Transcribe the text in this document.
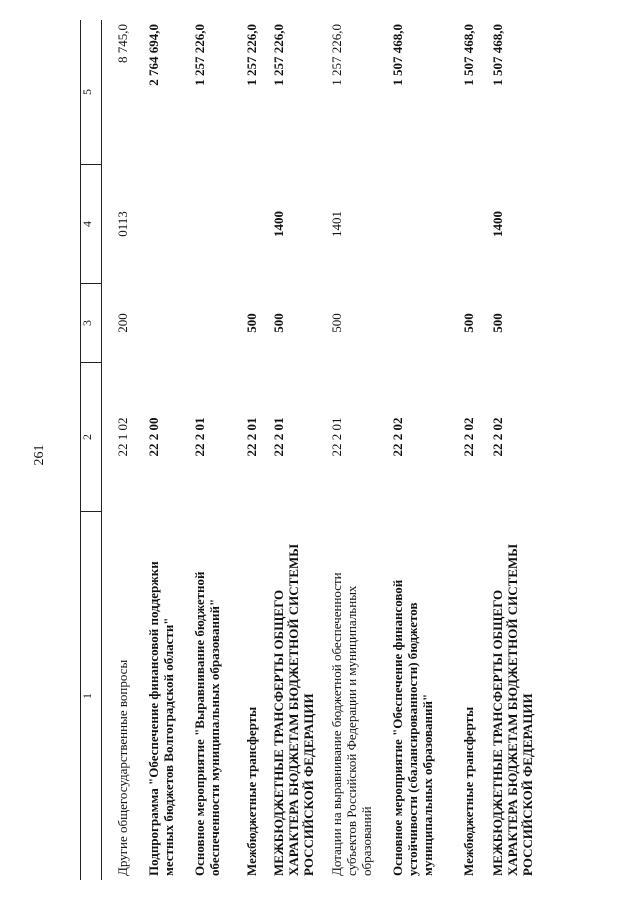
261
1	2	3	4	5
Другие общегосударственные вопросы	22 1 02	200	0113	8 745,0
Подпрограмма "Обеспечение финансовой поддержки местных бюджетов Волгоградской области"	22 2 00			2 764 694,0
Основное мероприятие "Выравнивание бюджетной обеспеченности муниципальных образований"	22 2 01			1 257 226,0
Межбюджетные трансферты	22 2 01	500		1 257 226,0
МЕЖБЮДЖЕТНЫЕ ТРАНСФЕРТЫ ОБЩЕГО ХАРАКТЕРА БЮДЖЕТАМ БЮДЖЕТНОЙ СИСТЕМЫ РОССИЙСКОЙ ФЕДЕРАЦИИ	22 2 01	500	1400	1 257 226,0
Дотации на выравнивание бюджетной обеспеченности субъектов Российской Федерации и муниципальных образований	22 2 01	500	1401	1 257 226,0
Основное мероприятие "Обеспечение финансовой устойчивости (сбалансированности) бюджетов муниципальных образований"	22 2 02			1 507 468,0
Межбюджетные трансферты	22 2 02	500		1 507 468,0
МЕЖБЮДЖЕТНЫЕ ТРАНСФЕРТЫ ОБЩЕГО ХАРАКТЕРА БЮДЖЕТАМ БЮДЖЕТНОЙ СИСТЕМЫ РОССИЙСКОЙ ФЕДЕРАЦИИ	22 2 02	500	1400	1 507 468,0
